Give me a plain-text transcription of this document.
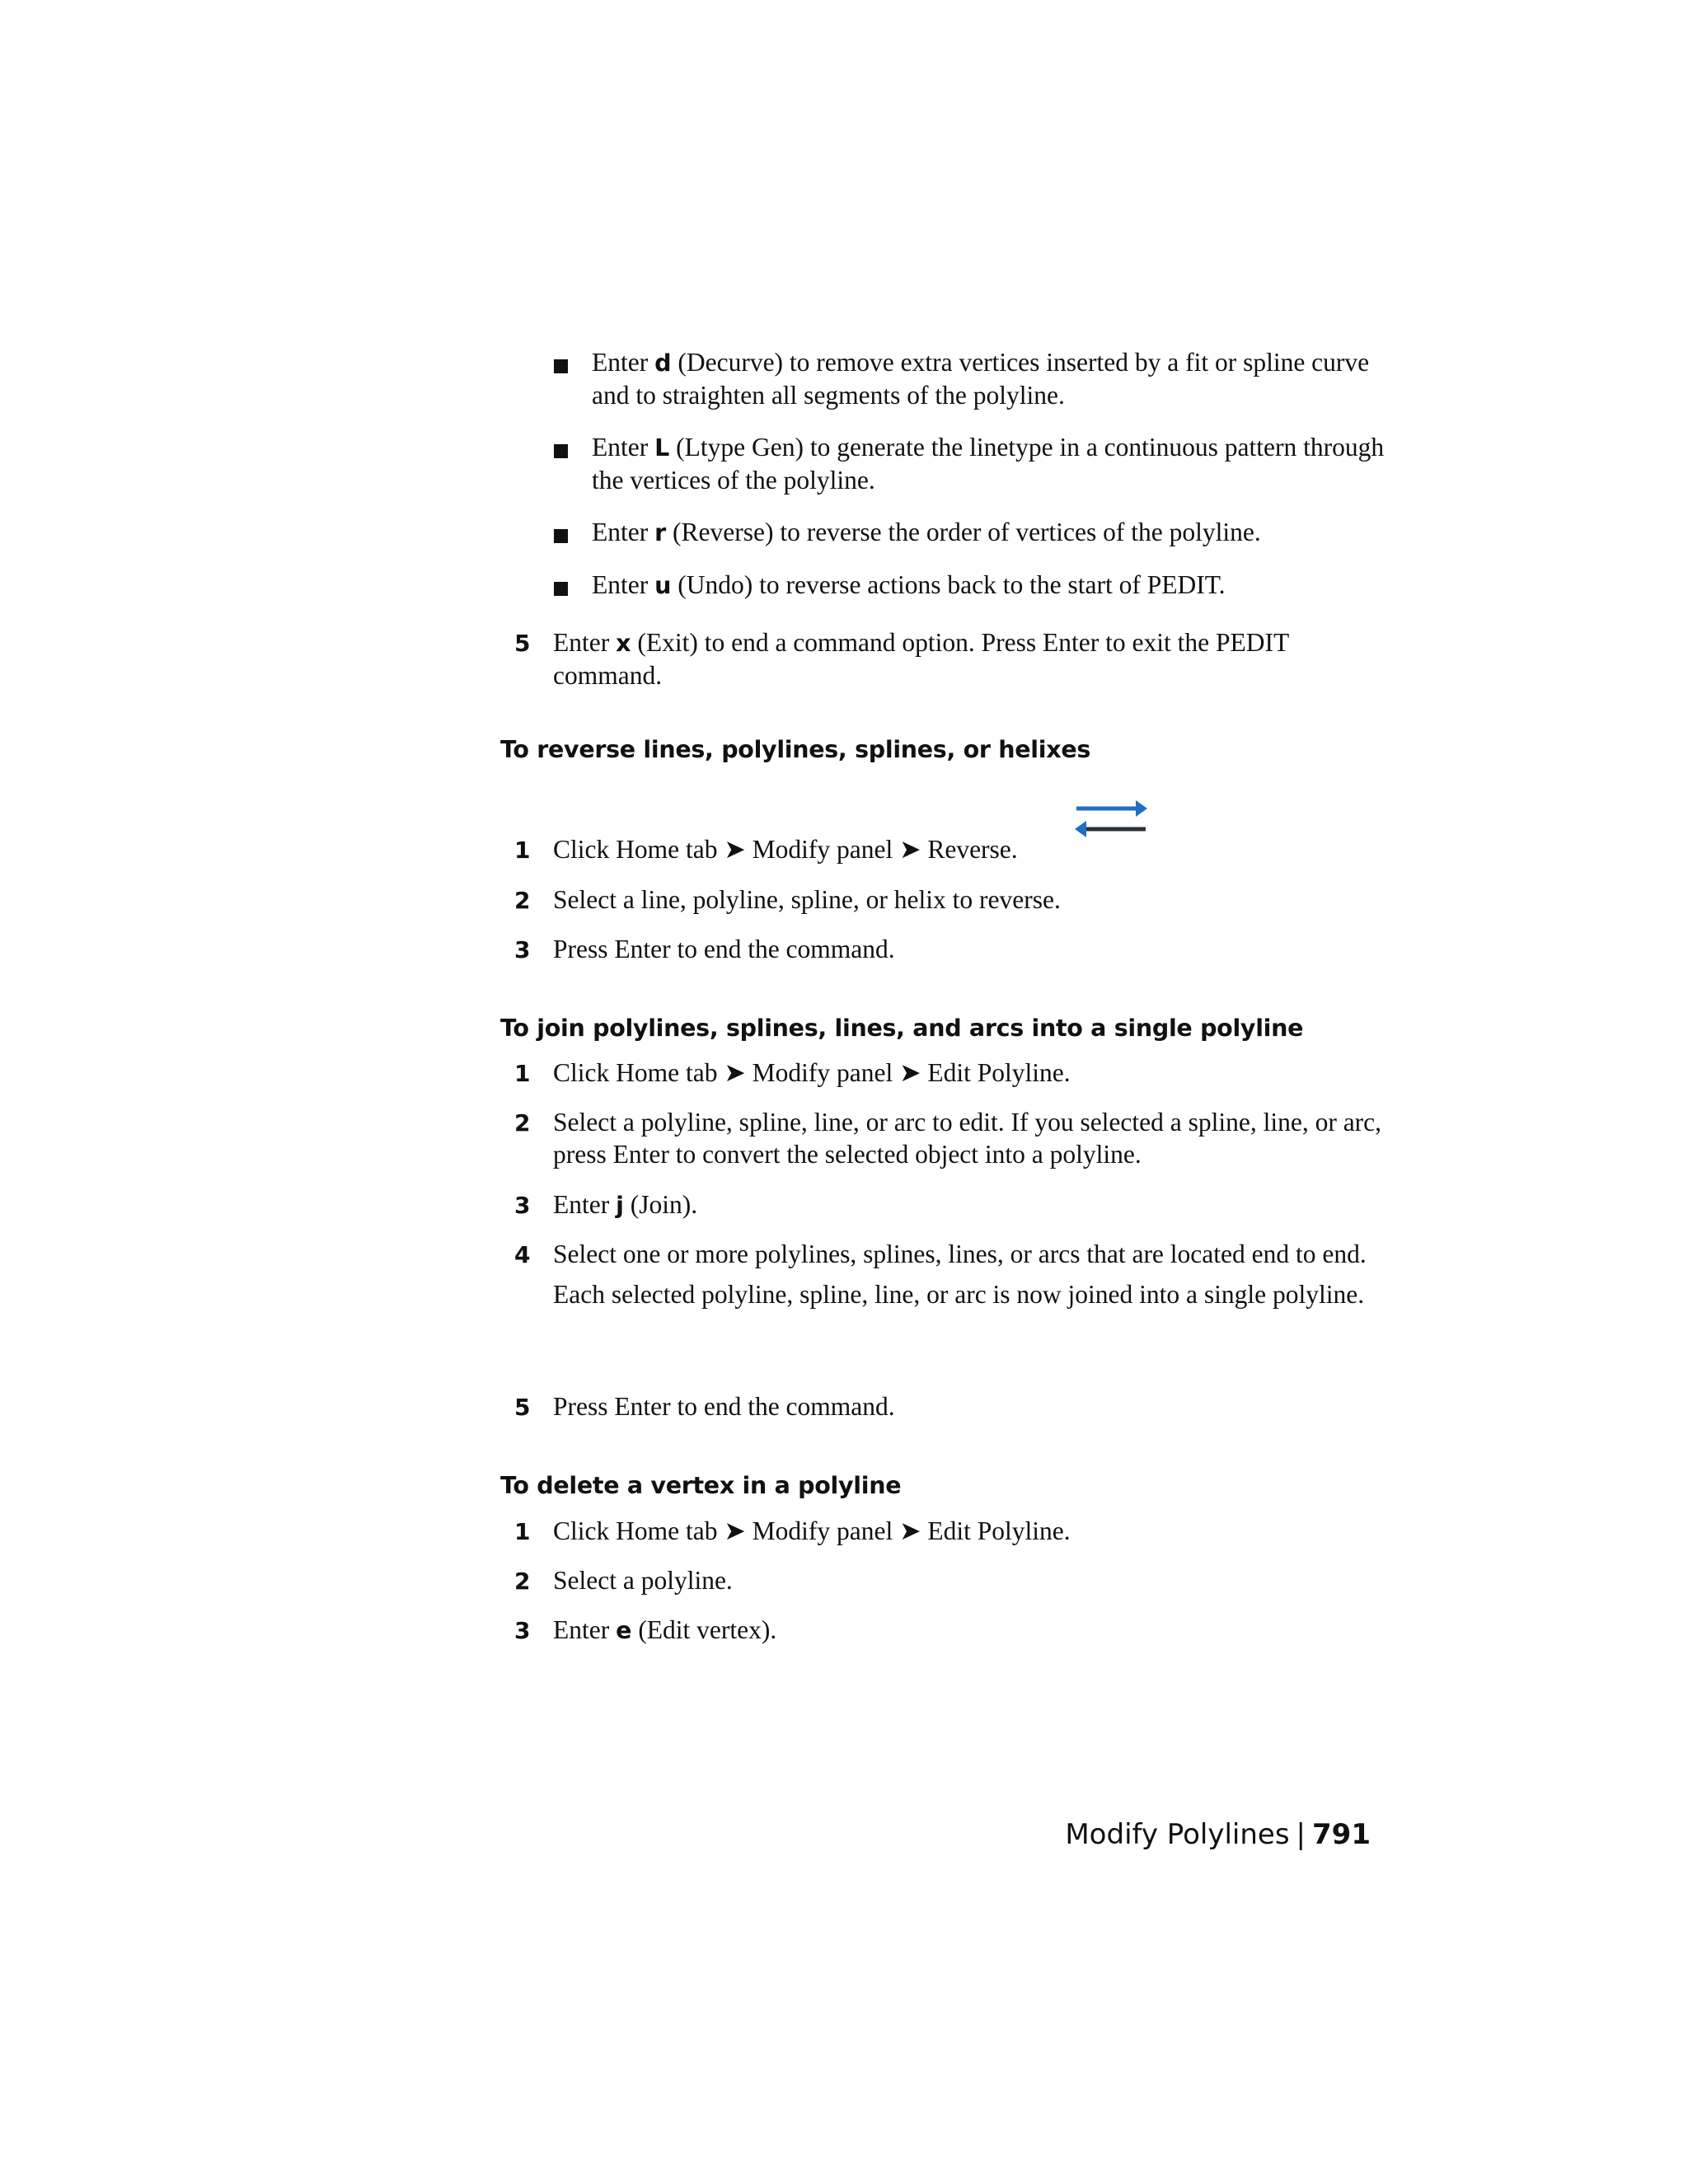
Enter d (Decurve) to remove extra vertices inserted by a fit or spline curve and to straighten all segments of the polyline.
Enter L (Ltype Gen) to generate the linetype in a continuous pattern through the vertices of the polyline.
Enter r (Reverse) to reverse the order of vertices of the polyline.
Enter u (Undo) to reverse actions back to the start of PEDIT.
5 Enter x (Exit) to end a command option. Press Enter to exit the PEDIT command.
To reverse lines, polylines, splines, or helixes
1 Click Home tab ➤ Modify panel ➤ Reverse.
2 Select a line, polyline, spline, or helix to reverse.
3 Press Enter to end the command.
To join polylines, splines, lines, and arcs into a single polyline
1 Click Home tab ➤ Modify panel ➤ Edit Polyline.
2 Select a polyline, spline, line, or arc to edit. If you selected a spline, line, or arc, press Enter to convert the selected object into a polyline.
3 Enter j (Join).
4 Select one or more polylines, splines, lines, or arcs that are located end to end.
Each selected polyline, spline, line, or arc is now joined into a single polyline.
5 Press Enter to end the command.
To delete a vertex in a polyline
1 Click Home tab ➤ Modify panel ➤ Edit Polyline.
2 Select a polyline.
3 Enter e (Edit vertex).
Modify Polylines | 791
